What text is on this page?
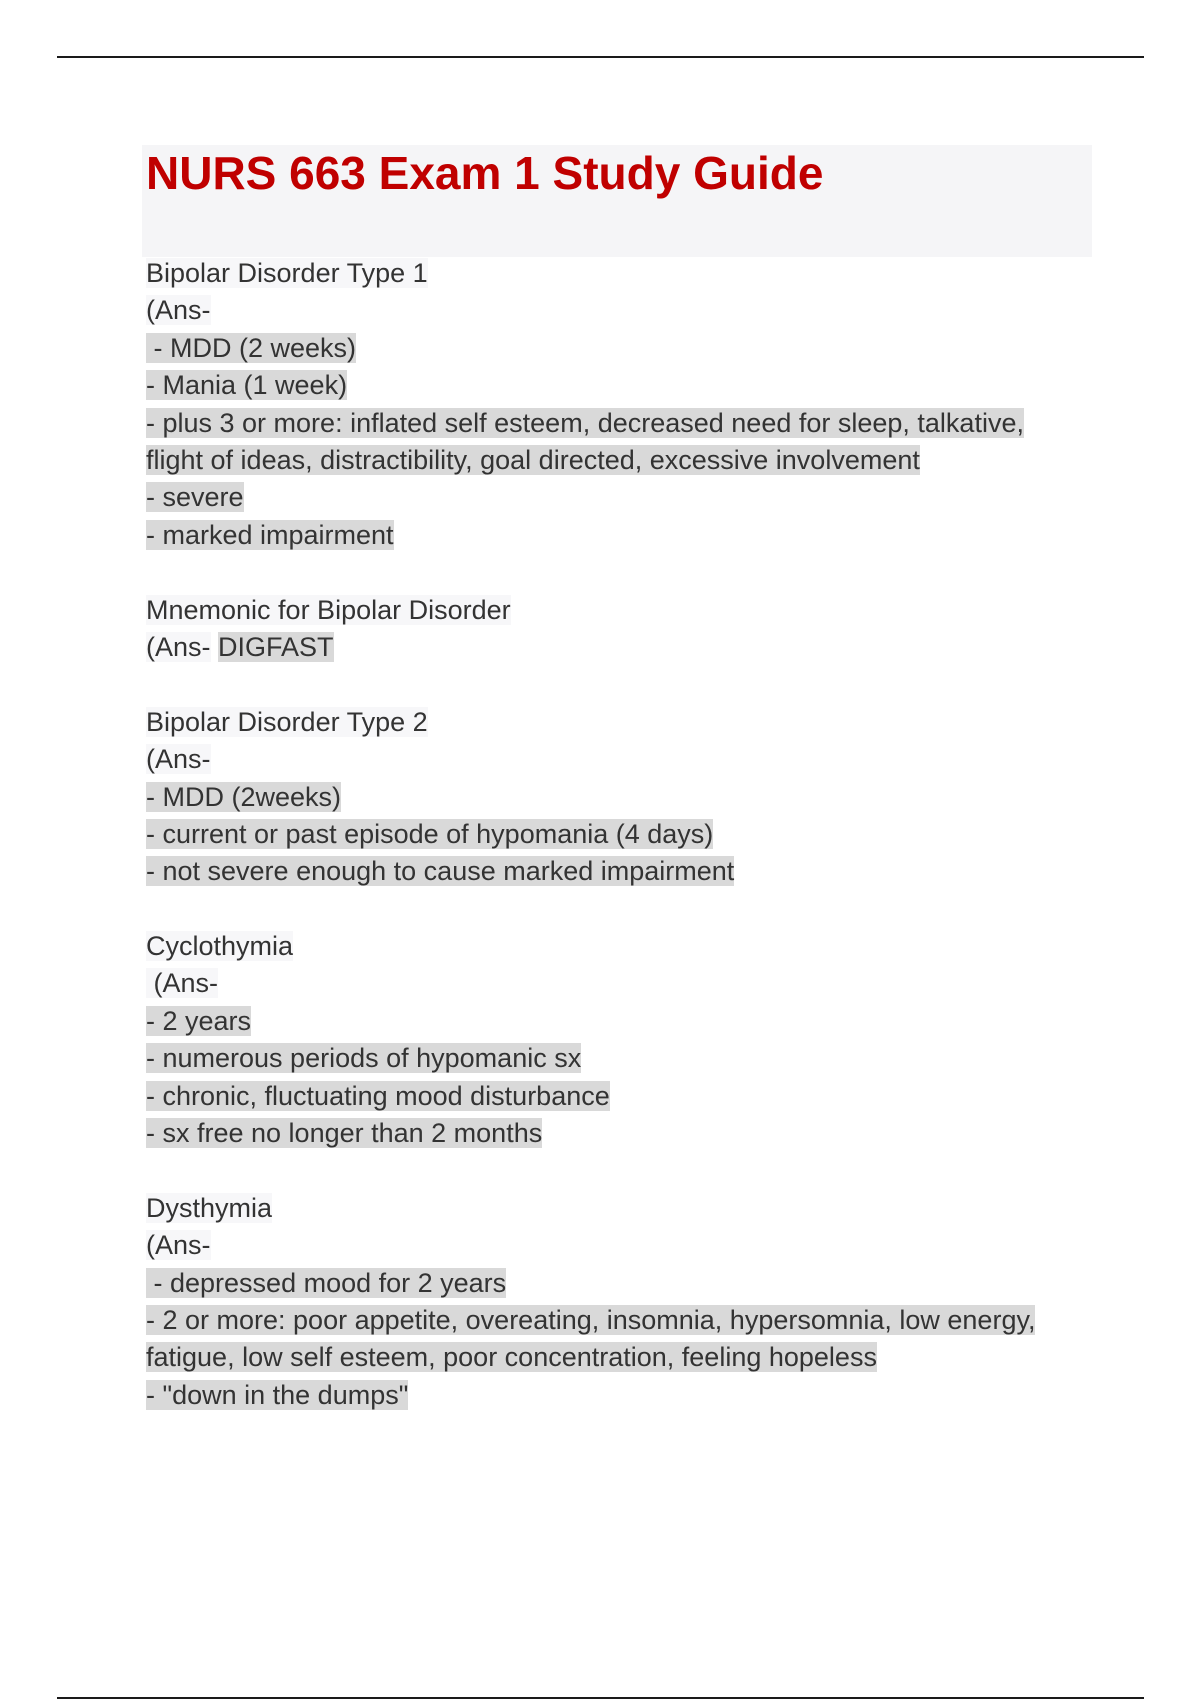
NURS 663 Exam 1 Study Guide
Bipolar Disorder Type 1
(Ans-
- MDD (2 weeks)
- Mania (1 week)
- plus 3 or more: inflated self esteem, decreased need for sleep, talkative, flight of ideas, distractibility, goal directed, excessive involvement
- severe
- marked impairment
Mnemonic for Bipolar Disorder
(Ans- DIGFAST
Bipolar Disorder Type 2
(Ans-
- MDD (2weeks)
- current or past episode of hypomania (4 days)
- not severe enough to cause marked impairment
Cyclothymia
(Ans-
- 2 years
- numerous periods of hypomanic sx
- chronic, fluctuating mood disturbance
- sx free no longer than 2 months
Dysthymia
(Ans-
- depressed mood for 2 years
- 2 or more: poor appetite, overeating, insomnia, hypersomnia, low energy, fatigue, low self esteem, poor concentration, feeling hopeless
- "down in the dumps"
